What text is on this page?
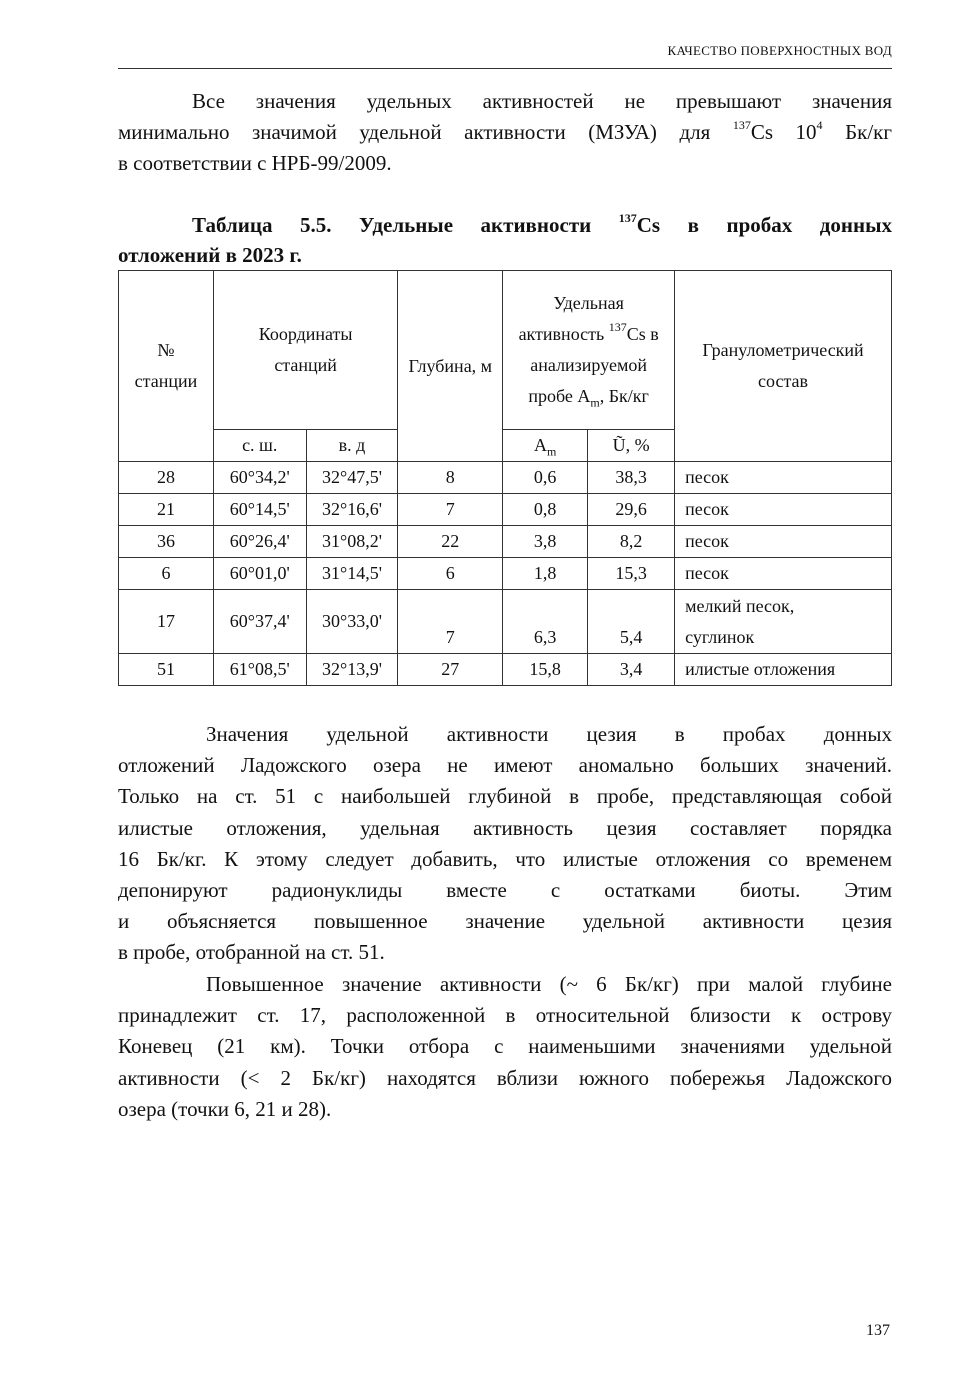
КАЧЕСТВО ПОВЕРХНОСТНЫХ ВОД
Все значения удельных активностей не превышают значения
минимально значимой удельной активности (МЗУА) для $^{137}$Cs $10^4$ Бк/кг
в соответствии с НРБ-99/2009.
Таблица 5.5. Удельные активности $^{137}$Cs в пробах донных
отложений в 2023 г.
№ станции	Координаты станций		Глубина, м	Удельная активность $^{137}$Cs в анализируемой пробе $A_m$, Бк/кг		Гранулометрический состав
	с. ш.	в. д		$A_m$	Ũ, %	
28	60°34,2'	32°47,5'	8	0,6	38,3	песок
21	60°14,5'	32°16,6'	7	0,8	29,6	песок
36	60°26,4'	31°08,2'	22	3,8	8,2	песок
6	60°01,0'	31°14,5'	6	1,8	15,3	песок
17	60°37,4'	30°33,0'	7	6,3	5,4	мелкий песок,
суглинок
51	61°08,5'	32°13,9'	27	15,8	3,4	илистые отложения
Значения удельной активности цезия в пробах донных
отложений Ладожского озера не имеют аномально больших значений.
Только на ст. 51 с наибольшей глубиной в пробе, представляющая собой
илистые отложения, удельная активность цезия составляет порядка
16 Бк/кг. К этому следует добавить, что илистые отложения со временем
депонируют радионуклиды вместе с остатками биоты. Этим
и объясняется повышенное значение удельной активности цезия
в пробе, отобранной на ст. 51.
Повышенное значение активности (~ 6 Бк/кг) при малой глубине
принадлежит ст. 17, расположенной в относительной близости к острову
Коневец (21 км). Точки отбора с наименьшими значениями удельной
активности (< 2 Бк/кг) находятся вблизи южного побережья Ладожского
озера (точки 6, 21 и 28).
137
